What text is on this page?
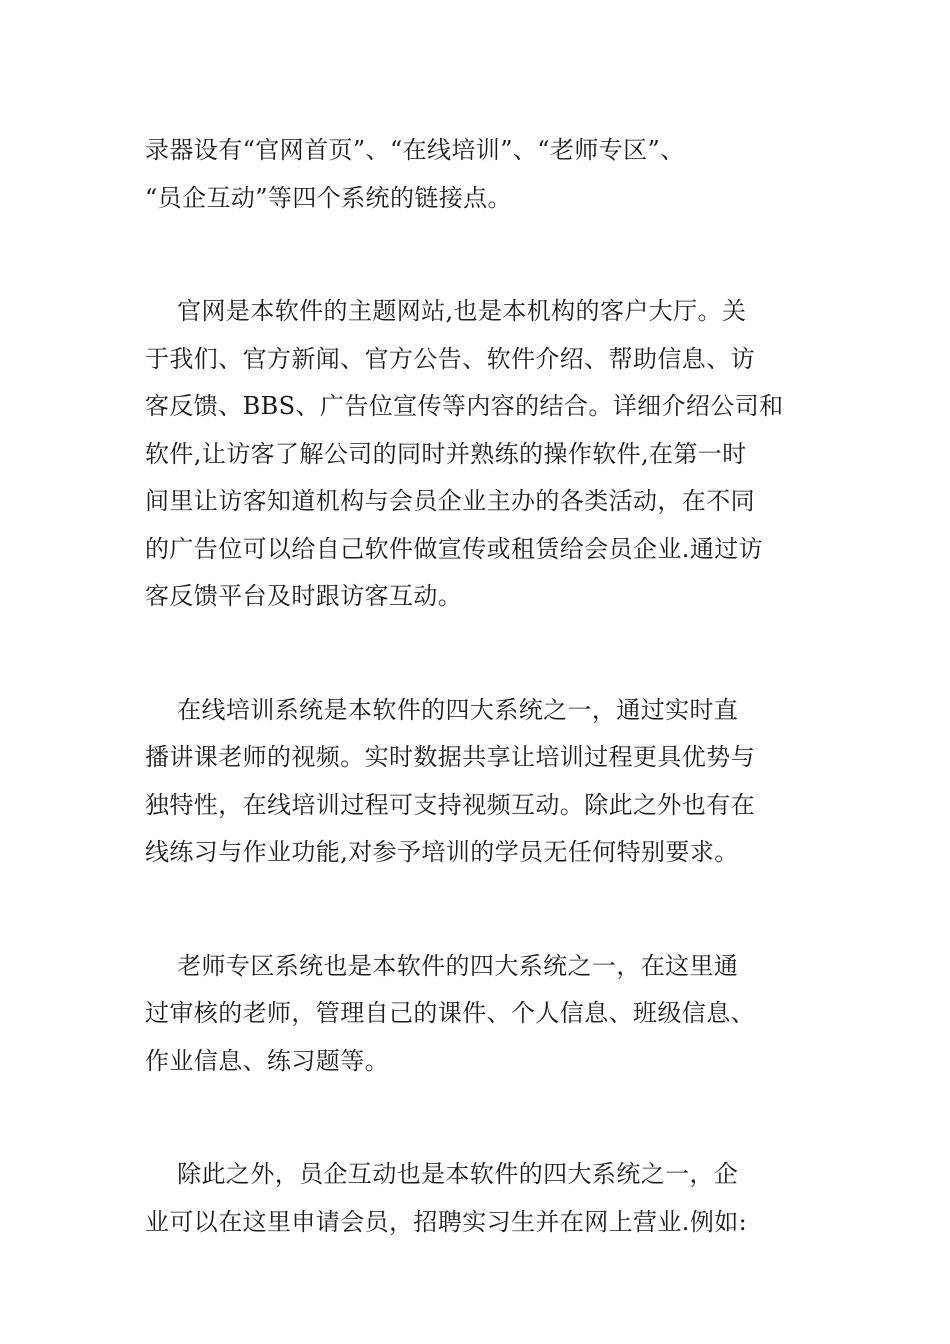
录器设有“官网首页”、“在线培训”、“老师专区”、
“员企互动”等四个系统的链接点。

官网是本软件的主题网站,也是本机构的客户大厅。关
于我们、官方新闻、官方公告、软件介绍、帮助信息、访
客反馈、BBS、广告位宣传等内容的结合。详细介绍公司和
软件,让访客了解公司的同时并熟练的操作软件,在第一时
间里让访客知道机构与会员企业主办的各类活动，在不同
的广告位可以给自己软件做宣传或租赁给会员企业.通过访
客反馈平台及时跟访客互动。

在线培训系统是本软件的四大系统之一，通过实时直
播讲课老师的视频。实时数据共享让培训过程更具优势与
独特性，在线培训过程可支持视频互动。除此之外也有在
线练习与作业功能,对参予培训的学员无任何特别要求。

老师专区系统也是本软件的四大系统之一，在这里通
过审核的老师，管理自己的课件、个人信息、班级信息、
作业信息、练习题等。

除此之外，员企互动也是本软件的四大系统之一，企
业可以在这里申请会员，招聘实习生并在网上营业.例如:
